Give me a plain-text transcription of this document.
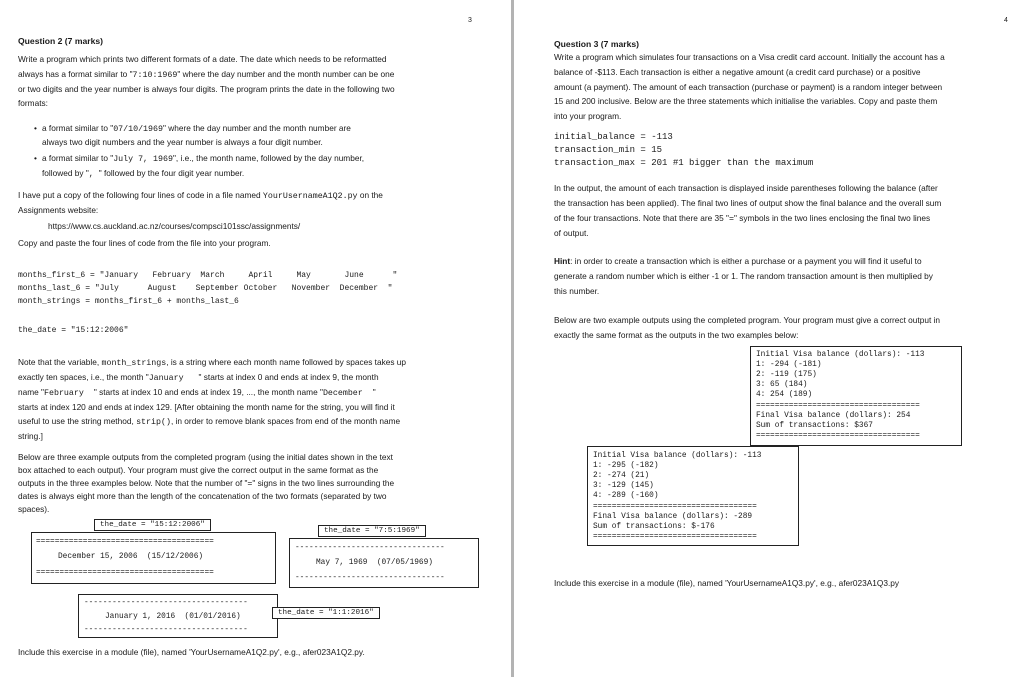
3
Question 2 (7 marks)
Write a program which prints two different formats of a date. The date which needs to be reformatted
always has a format similar to "7:10:1969" where the day number and the month number can be one
or two digits and the year number is always four digits. The program prints the date in the following two
formats:
• a format similar to "07/10/1969" where the day number and the month number are
always two digit numbers and the year number is always a four digit number.
• a format similar to "July 7, 1969", i.e., the month name, followed by the day number,
followed by ", " followed by the four digit year number.
I have put a copy of the following four lines of code in a file named YourUsernameA1Q2.py on the
Assignments website:
https://www.cs.auckland.ac.nz/courses/compsci101ssc/assignments/
Copy and paste the four lines of code from the file into your program.
months_first_6 = "January   February  March     April     May       June      "
months_last_6 = "July      August    September October   November  December  "
month_strings = months_first_6 + months_last_6
the_date = "15:12:2006"
Note that the variable, month_strings, is a string where each month name followed by spaces takes up
exactly ten spaces, i.e., the month "January   " starts at index 0 and ends at index 9, the month
name "February  " starts at index 10 and ends at index 19, ..., the month name "December  "
starts at index 120 and ends at index 129. [After obtaining the month name for the string, you will find it
useful to use the string method, strip(), in order to remove blank spaces from end of the month name
string.]
Below are three example outputs from the completed program (using the initial dates shown in the text
box attached to each output). Your program must give the correct output in the same format as the
outputs in the three examples below. Note that the number of "=" signs in the two lines surrounding the
dates is always eight more than the length of the concatenation of the two formats (separated by two
spaces).
======================================
December 15, 2006  (15/12/2006)
======================================
the_date = "15:12:2006"
--------------------------------
May 7, 1969  (07/05/1969)
--------------------------------
the_date = "7:5:1969"
-----------------------------------
January 1, 2016  (01/01/2016)
-----------------------------------
the_date = "1:1:2016"
Include this exercise in a module (file), named 'YourUsernameA1Q2.py', e.g., afer023A1Q2.py.
4
Question 3 (7 marks)
Write a program which simulates four transactions on a Visa credit card account. Initially the account has a
balance of -$113. Each transaction is either a negative amount (a credit card purchase) or a positive
amount (a payment). The amount of each transaction (purchase or payment) is a random integer between
15 and 200 inclusive. Below are the three statements which initialise the variables. Copy and paste them
into your program.
initial_balance = -113
transaction_min = 15
transaction_max = 201 #1 bigger than the maximum
In the output, the amount of each transaction is displayed inside parentheses following the balance (after
the transaction has been applied). The final two lines of output show the final balance and the overall sum
of the four transactions. Note that there are 35 "=" symbols in the two lines enclosing the final two lines
of output.
Hint: in order to create a transaction which is either a purchase or a payment you will find it useful to
generate a random number which is either -1 or 1. The random transaction amount is then multiplied by
this number.
Below are two example outputs using the completed program. Your program must give a correct output in
exactly the same format as the outputs in the two examples below:
Initial Visa balance (dollars): -113
1: -294 (-181)
2: -119 (175)
3: 65 (184)
4: 254 (189)
===================================
Final Visa balance (dollars): 254
Sum of transactions: $367
===================================
Initial Visa balance (dollars): -113
1: -295 (-182)
2: -274 (21)
3: -129 (145)
4: -289 (-160)
===================================
Final Visa balance (dollars): -289
Sum of transactions: $-176
===================================
Include this exercise in a module (file), named 'YourUsernameA1Q3.py', e.g., afer023A1Q3.py
